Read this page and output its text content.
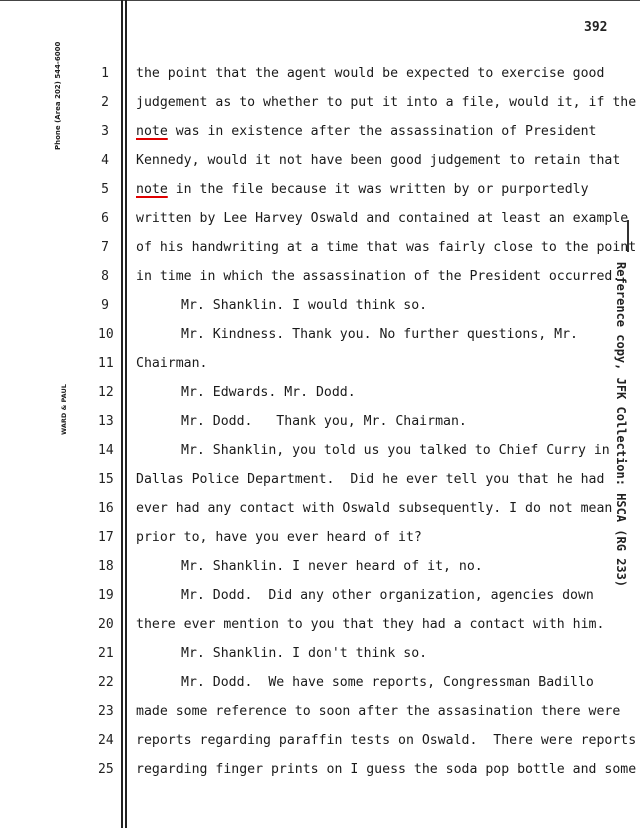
Phone (Area 202) 544-6000
WARD & PAUL	Reference copy, JFK Collection: HSCA (RG 233)
392
1 the point that the agent would be expected to exercise good
2 judgement as to whether to put it into a file, would it, if the
3 note was in existence after the assassination of President
4 Kennedy, would it not have been good judgement to retain that
5 note in the file because it was written by or purportedly
6 written by Lee Harvey Oswald and contained at least an example
7 of his handwriting at a time that was fairly close to the point
8 in time in which the assassination of the President occurred.
9	Mr. Shanklin. I would think so.
10	Mr. Kindness. Thank you. No further questions, Mr.
11 Chairman.
12	Mr. Edwards. Mr. Dodd.
13	Mr. Dodd.   Thank you, Mr. Chairman.
14	Mr. Shanklin, you told us you talked to Chief Curry in
15 Dallas Police Department.  Did he ever tell you that he had
16 ever had any contact with Oswald subsequently. I do not mean
17 prior to, have you ever heard of it?
18	Mr. Shanklin. I never heard of it, no.
19	Mr. Dodd.  Did any other organization, agencies down
20 there ever mention to you that they had a contact with him.
21	Mr. Shanklin. I don't think so.
22	Mr. Dodd.  We have some reports, Congressman Badillo
23 made some reference to soon after the assasination there were
24 reports regarding paraffin tests on Oswald.  There were reports
25 regarding finger prints on I guess the soda pop bottle and some
